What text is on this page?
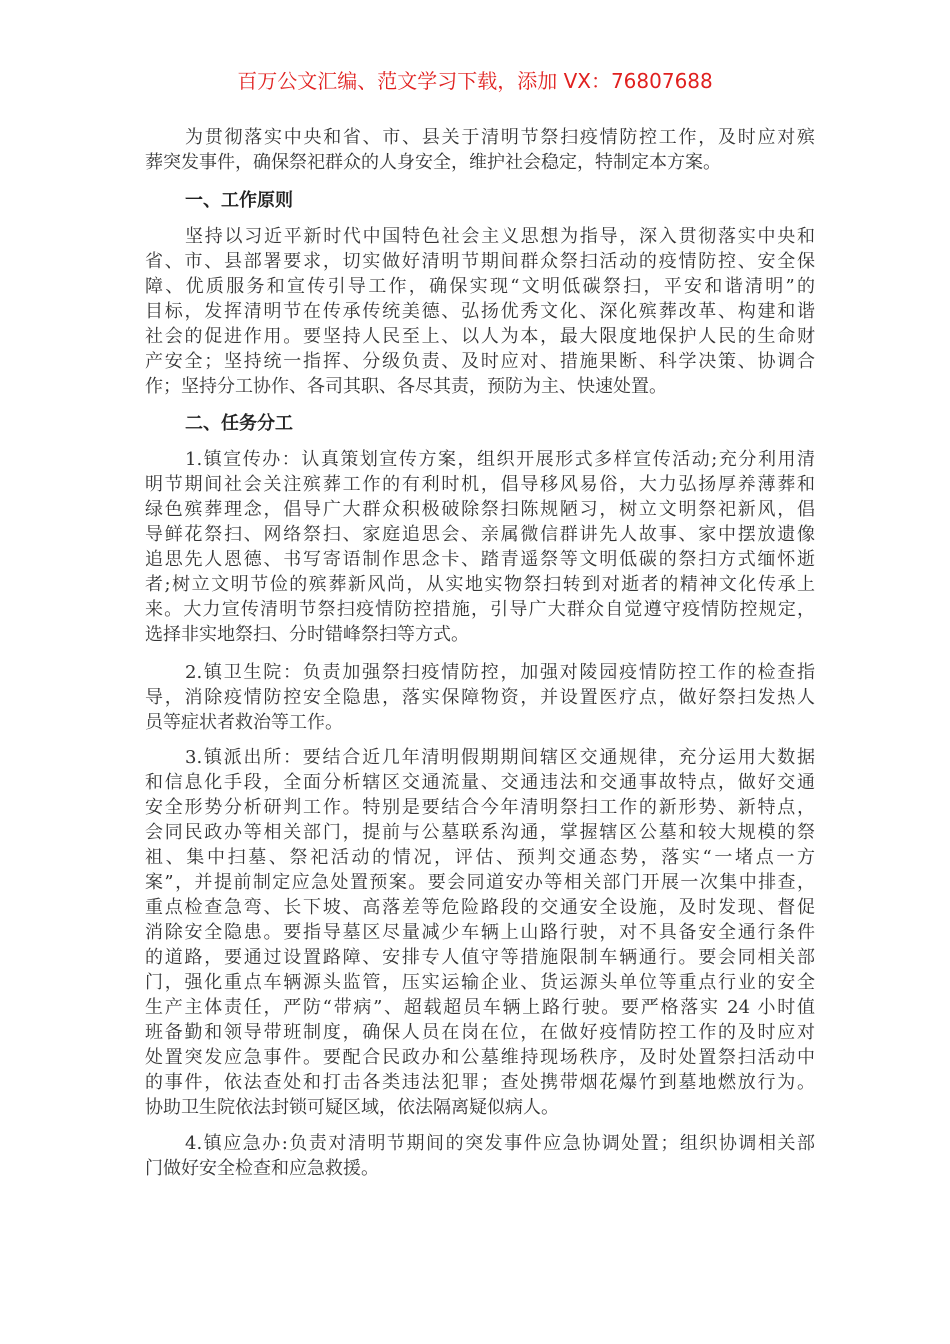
百万公文汇编、范文学习下载，添加 VX：76807688
为贯彻落实中央和省、市、县关于清明节祭扫疫情防控工作，及时应对殡
葬突发事件，确保祭祀群众的人身安全，维护社会稳定，特制定本方案。
一、工作原则
坚持以习近平新时代中国特色社会主义思想为指导，深入贯彻落实中央和
省、市、县部署要求，切实做好清明节期间群众祭扫活动的疫情防控、安全保
障、优质服务和宣传引导工作，确保实现“文明低碳祭扫，平安和谐清明”的
目标，发挥清明节在传承传统美德、弘扬优秀文化、深化殡葬改革、构建和谐
社会的促进作用。要坚持人民至上、以人为本，最大限度地保护人民的生命财
产安全；坚持统一指挥、分级负责、及时应对、措施果断、科学决策、协调合
作；坚持分工协作、各司其职、各尽其责，预防为主、快速处置。
二、任务分工
1.镇宣传办：认真策划宣传方案，组织开展形式多样宣传活动;充分利用清
明节期间社会关注殡葬工作的有利时机，倡导移风易俗，大力弘扬厚养薄葬和
绿色殡葬理念，倡导广大群众积极破除祭扫陈规陋习，树立文明祭祀新风，倡
导鲜花祭扫、网络祭扫、家庭追思会、亲属微信群讲先人故事、家中摆放遗像
追思先人恩德、书写寄语制作思念卡、踏青遥祭等文明低碳的祭扫方式缅怀逝
者;树立文明节俭的殡葬新风尚，从实地实物祭扫转到对逝者的精神文化传承上
来。大力宣传清明节祭扫疫情防控措施，引导广大群众自觉遵守疫情防控规定，
选择非实地祭扫、分时错峰祭扫等方式。
2.镇卫生院：负责加强祭扫疫情防控，加强对陵园疫情防控工作的检查指
导，消除疫情防控安全隐患，落实保障物资，并设置医疗点，做好祭扫发热人
员等症状者救治等工作。
3.镇派出所：要结合近几年清明假期期间辖区交通规律，充分运用大数据
和信息化手段，全面分析辖区交通流量、交通违法和交通事故特点，做好交通
安全形势分析研判工作。特别是要结合今年清明祭扫工作的新形势、新特点，
会同民政办等相关部门，提前与公墓联系沟通，掌握辖区公墓和较大规模的祭
祖、集中扫墓、祭祀活动的情况，评估、预判交通态势，落实“一堵点一方
案”，并提前制定应急处置预案。要会同道安办等相关部门开展一次集中排查，
重点检查急弯、长下坡、高落差等危险路段的交通安全设施，及时发现、督促
消除安全隐患。要指导墓区尽量减少车辆上山路行驶，对不具备安全通行条件
的道路，要通过设置路障、安排专人值守等措施限制车辆通行。要会同相关部
门，强化重点车辆源头监管，压实运输企业、货运源头单位等重点行业的安全
生产主体责任，严防“带病”、超载超员车辆上路行驶。要严格落实 24 小时值
班备勤和领导带班制度，确保人员在岗在位，在做好疫情防控工作的及时应对
处置突发应急事件。要配合民政办和公墓维持现场秩序，及时处置祭扫活动中
的事件，依法查处和打击各类违法犯罪；查处携带烟花爆竹到墓地燃放行为。
协助卫生院依法封锁可疑区域，依法隔离疑似病人。
4.镇应急办:负责对清明节期间的突发事件应急协调处置；组织协调相关部
门做好安全检查和应急救援。
